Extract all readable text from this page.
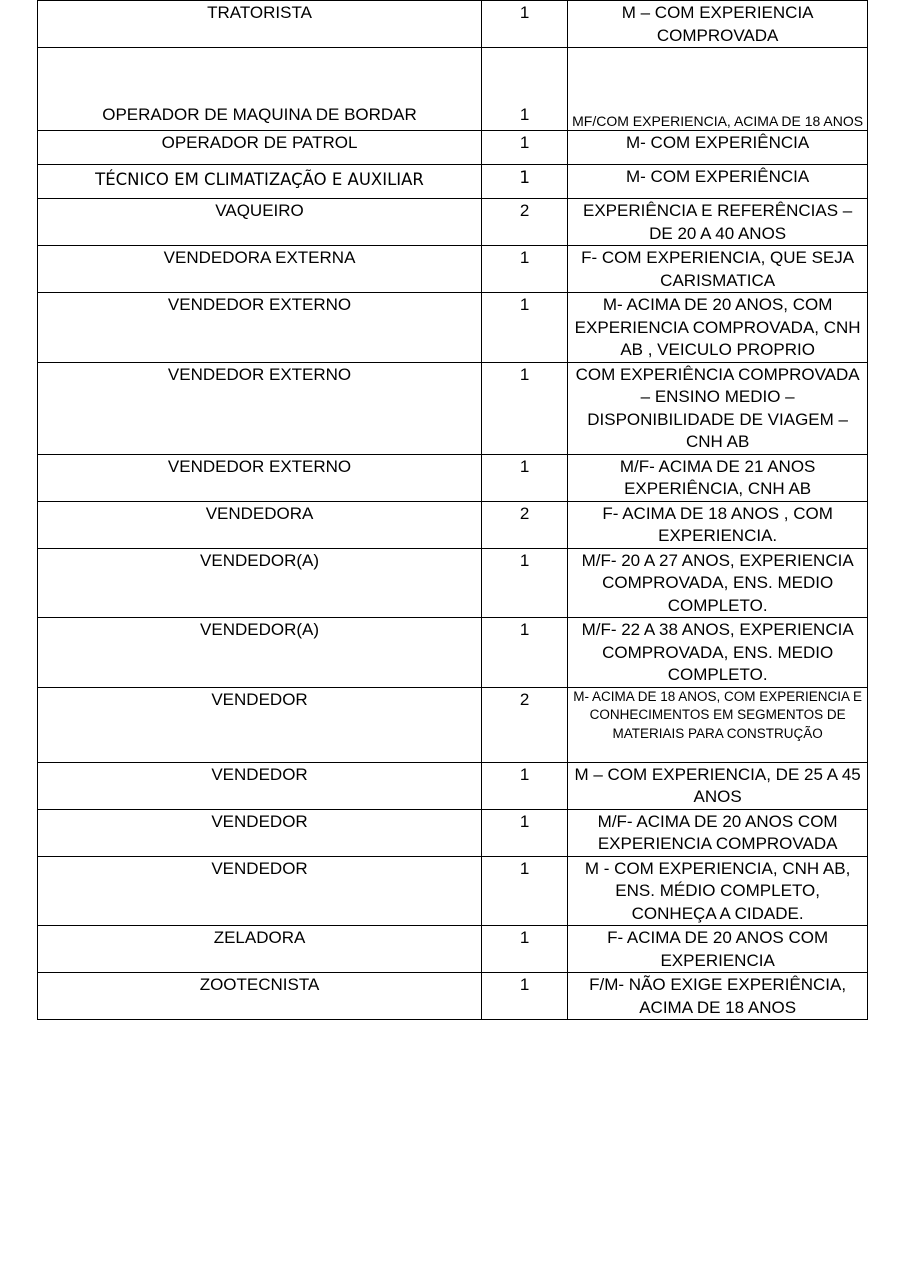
TRATORISTA	1	M – COM EXPERIENCIA COMPROVADA
OPERADOR DE MAQUINA DE BORDAR	1	MF/COM EXPERIENCIA, ACIMA DE 18 ANOS
OPERADOR DE PATROL	1	M- COM EXPERIÊNCIA
TÉCNICO EM CLIMATIZAÇÃO E AUXILIAR	1	M- COM EXPERIÊNCIA
VAQUEIRO	2	EXPERIÊNCIA E REFERÊNCIAS – DE 20 A 40 ANOS
VENDEDORA EXTERNA	1	F- COM EXPERIENCIA, QUE SEJA CARISMATICA
VENDEDOR EXTERNO	1	M- ACIMA DE 20 ANOS, COM EXPERIENCIA COMPROVADA, CNH AB , VEICULO PROPRIO
VENDEDOR EXTERNO	1	COM EXPERIÊNCIA COMPROVADA – ENSINO MEDIO – DISPONIBILIDADE DE VIAGEM – CNH AB
VENDEDOR EXTERNO	1	M/F- ACIMA DE 21 ANOS EXPERIÊNCIA, CNH AB
VENDEDORA	2	F- ACIMA DE 18 ANOS , COM EXPERIENCIA.
VENDEDOR(A)	1	M/F- 20 A 27 ANOS, EXPERIENCIA COMPROVADA, ENS. MEDIO COMPLETO.
VENDEDOR(A)	1	M/F- 22 A 38 ANOS, EXPERIENCIA COMPROVADA, ENS. MEDIO COMPLETO.
VENDEDOR	2	M- ACIMA DE 18 ANOS, COM EXPERIENCIA E CONHECIMENTOS EM SEGMENTOS DE MATERIAIS PARA CONSTRUÇÃO
VENDEDOR	1	M – COM EXPERIENCIA, DE 25 A 45 ANOS
VENDEDOR	1	M/F- ACIMA DE 20 ANOS COM EXPERIENCIA COMPROVADA
VENDEDOR	1	M - COM EXPERIENCIA, CNH AB, ENS. MÉDIO COMPLETO, CONHEÇA A CIDADE.
ZELADORA	1	F- ACIMA DE 20 ANOS COM EXPERIENCIA
ZOOTECNISTA	1	F/M- NÃO EXIGE EXPERIÊNCIA, ACIMA DE 18 ANOS
